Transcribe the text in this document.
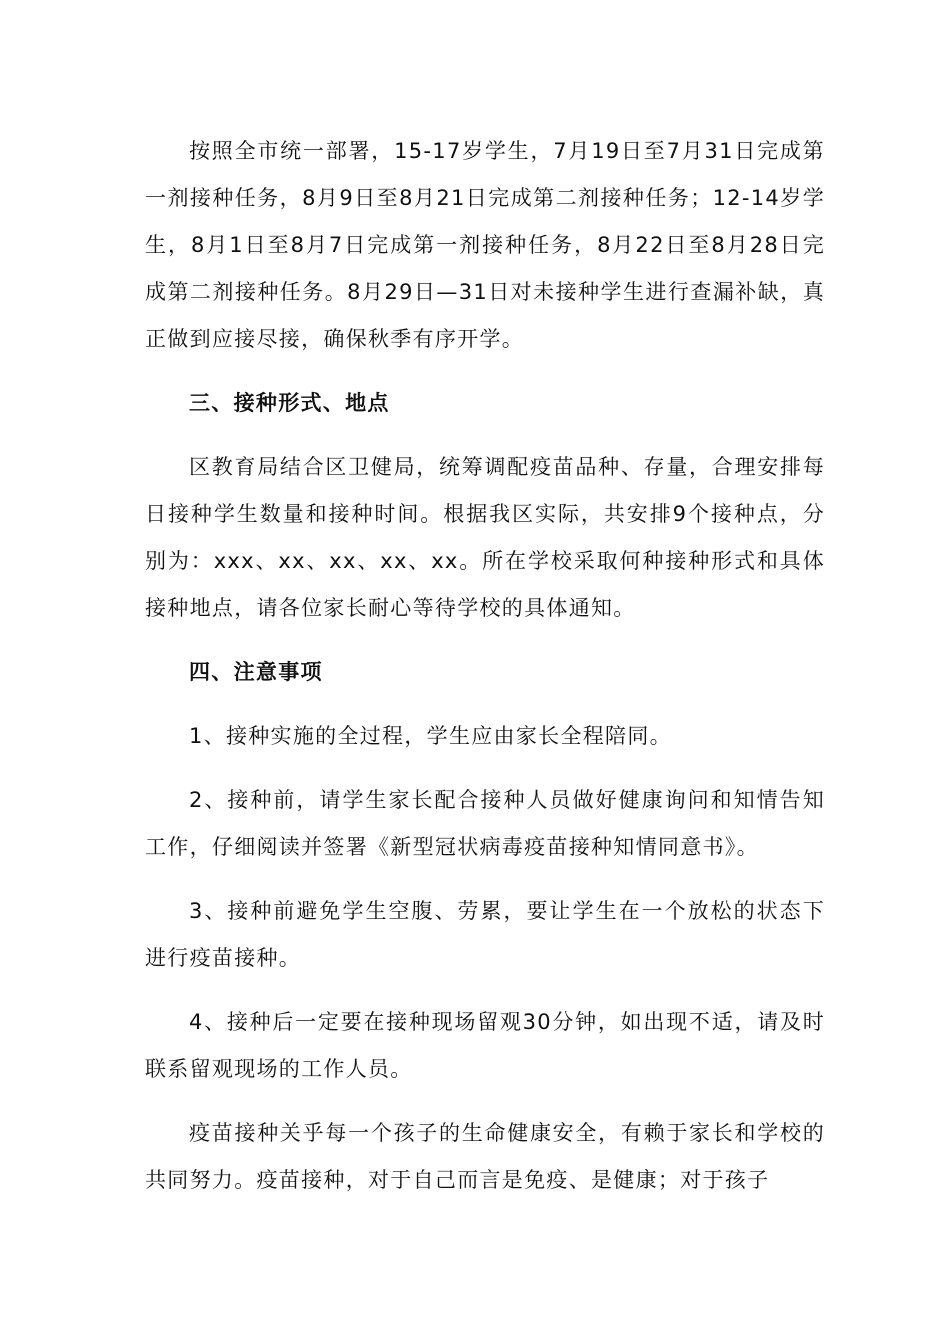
按照全市统一部署，15-17岁学生，7月19日至7月31日完成第一剂接种任务，8月9日至8月21日完成第二剂接种任务；12-14岁学生，8月1日至8月7日完成第一剂接种任务，8月22日至8月28日完成第二剂接种任务。8月29日—31日对未接种学生进行查漏补缺，真正做到应接尽接，确保秋季有序开学。

三、接种形式、地点

区教育局结合区卫健局，统筹调配疫苗品种、存量，合理安排每日接种学生数量和接种时间。根据我区实际，共安排9个接种点，分别为：xxx、xx、xx、xx、xx。所在学校采取何种接种形式和具体接种地点，请各位家长耐心等待学校的具体通知。

四、注意事项

1、接种实施的全过程，学生应由家长全程陪同。

2、接种前，请学生家长配合接种人员做好健康询问和知情告知工作，仔细阅读并签署《新型冠状病毒疫苗接种知情同意书》。

3、接种前避免学生空腹、劳累，要让学生在一个放松的状态下进行疫苗接种。

4、接种后一定要在接种现场留观30分钟，如出现不适，请及时联系留观现场的工作人员。

疫苗接种关乎每一个孩子的生命健康安全，有赖于家长和学校的共同努力。疫苗接种，对于自己而言是免疫、是健康；对于孩子
